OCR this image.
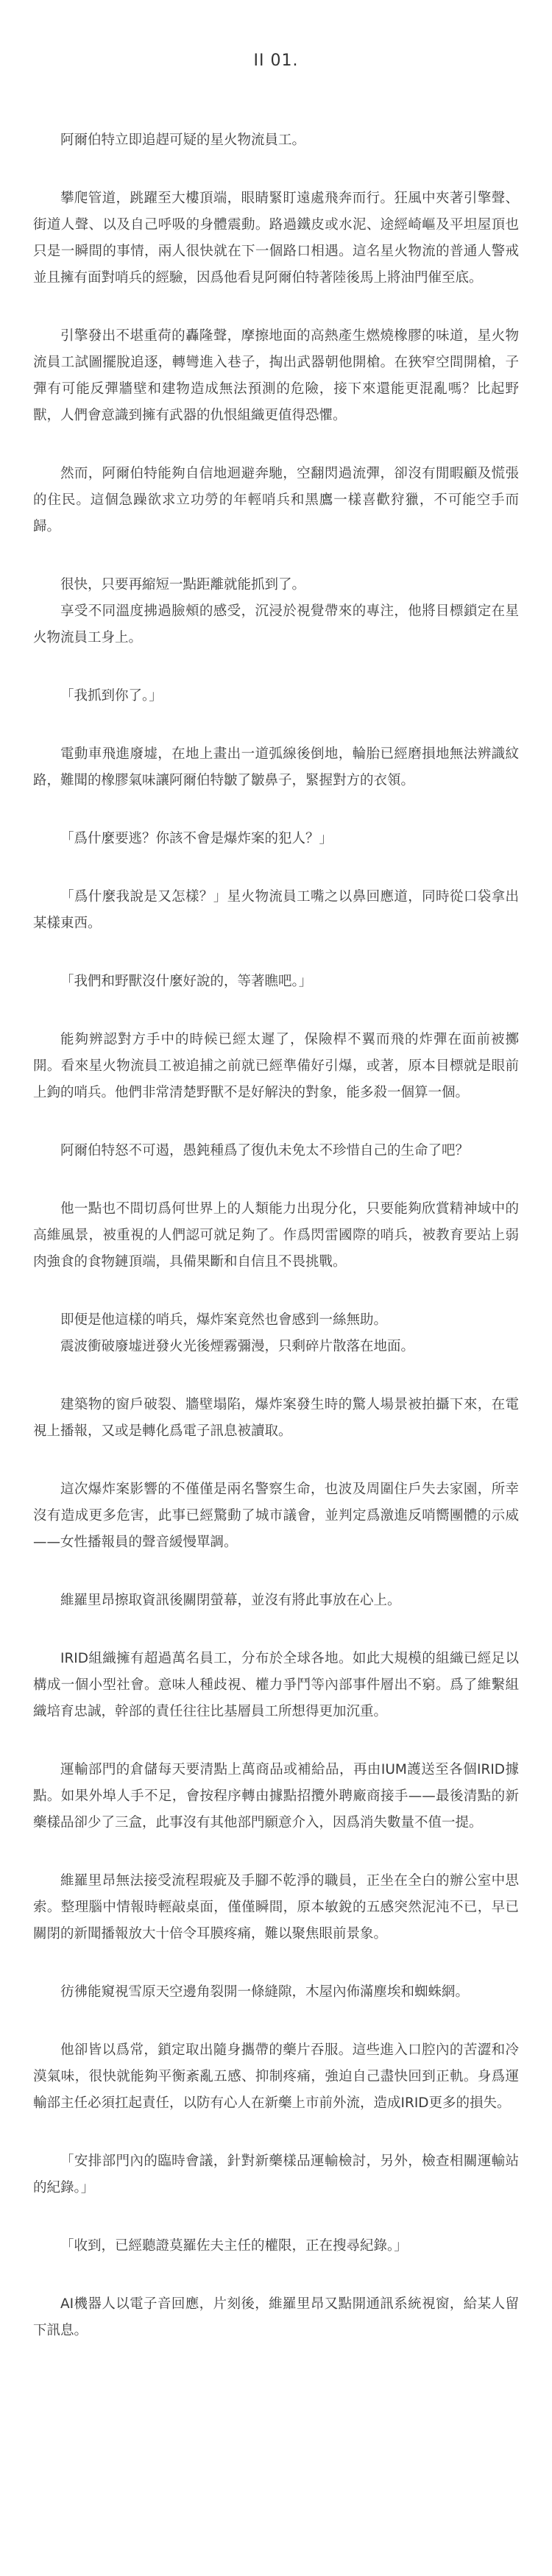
II 01.

阿爾伯特立即追趕可疑的星火物流員工。

攀爬管道，跳躍至大樓頂端，眼睛緊盯遠處飛奔而行。狂風中夾著引擎聲、街道人聲、以及自己呼吸的身體震動。路過鐵皮或水泥、途經崎嶇及平坦屋頂也只是一瞬間的事情，兩人很快就在下一個路口相遇。這名星火物流的普通人警戒並且擁有面對哨兵的經驗，因爲他看見阿爾伯特著陸後馬上將油門催至底。

引擎發出不堪重荷的轟隆聲，摩擦地面的高熱產生燃燒橡膠的味道，星火物流員工試圖擺脫追逐，轉彎進入巷子，掏出武器朝他開槍。在狹窄空間開槍，子彈有可能反彈牆壁和建物造成無法預測的危險，接下來還能更混亂嗎？比起野獸，人們會意識到擁有武器的仇恨組織更值得恐懼。

然而，阿爾伯特能夠自信地迴避奔馳，空翻閃過流彈，卻沒有閒暇顧及慌張的住民。這個急躁欲求立功勞的年輕哨兵和黑鷹一樣喜歡狩獵，不可能空手而歸。

很快，只要再縮短一點距離就能抓到了。

享受不同溫度拂過臉頰的感受，沉浸於視覺帶來的專注，他將目標鎖定在星火物流員工身上。

「我抓到你了。」

電動車飛進廢墟，在地上畫出一道弧線後倒地，輪胎已經磨損地無法辨識紋路，難聞的橡膠氣味讓阿爾伯特皺了皺鼻子，緊握對方的衣領。

「爲什麼要逃？你該不會是爆炸案的犯人？」

「爲什麼我說是又怎樣？」星火物流員工嘴之以鼻回應道，同時從口袋拿出某樣東西。

「我們和野獸沒什麼好說的，等著瞧吧。」

能夠辨認對方手中的時候已經太遲了，保險桿不翼而飛的炸彈在面前被擲開。看來星火物流員工被追捕之前就已經準備好引爆，或著，原本目標就是眼前上鉤的哨兵。他們非常清楚野獸不是好解決的對象，能多殺一個算一個。

阿爾伯特怒不可遏，愚鈍種爲了復仇未免太不珍惜自己的生命了吧？

他一點也不間切爲何世界上的人類能力出現分化，只要能夠欣賞精神域中的高維風景，被重視的人們認可就足夠了。作爲閃雷國際的哨兵，被教育要站上弱肉強食的食物鏈頂端，具備果斷和自信且不畏挑戰。

即便是他這樣的哨兵，爆炸案竟然也會感到一絲無助。

震波衝破廢墟迸發火光後煙霧彌漫，只剩碎片散落在地面。

建築物的窗戶破裂、牆壁塌陷，爆炸案發生時的驚人場景被拍攝下來，在電視上播報，又或是轉化爲電子訊息被讀取。

這次爆炸案影響的不僅僅是兩名警察生命，也波及周圍住戶失去家園，所幸沒有造成更多危害，此事已經驚動了城市議會，並判定爲激進反哨嚮團體的示威——女性播報員的聲音緩慢單調。

維羅里昂擦取資訊後關閉螢幕，並沒有將此事放在心上。

IRID組織擁有超過萬名員工，分布於全球各地。如此大規模的組織已經足以構成一個小型社會。意味人種歧視、權力爭鬥等內部事件層出不窮。爲了維繫組織培育忠誠，幹部的責任往往比基層員工所想得更加沉重。

運輸部門的倉儲每天要清點上萬商品或補給品，再由IUM護送至各個IRID據點。如果外埠人手不足，會按程序轉由據點招攬外聘廠商接手——最後清點的新藥樣品卻少了三盒，此事沒有其他部門願意介入，因爲消失數量不值一提。

維羅里昂無法接受流程瑕疵及手腳不乾淨的職員，正坐在全白的辦公室中思索。整理腦中情報時輕敲桌面，僅僅瞬間，原本敏銳的五感突然泥沌不已，早已關閉的新聞播報放大十倍令耳膜疼痛，難以聚焦眼前景象。

彷彿能窺視雪原天空邊角裂開一條縫隙，木屋內佈滿塵埃和蜘蛛網。

他卻皆以爲常，鎖定取出隨身攜帶的藥片吞服。這些進入口腔內的苦澀和冷漠氣味，很快就能夠平衡紊亂五感、抑制疼痛，強迫自己盡快回到正軌。身爲運輸部主任必須扛起責任，以防有心人在新藥上市前外流，造成IRID更多的損失。

「安排部門內的臨時會議，針對新藥樣品運輸檢討，另外，檢查相關運輸站的紀錄。」

「收到，已經聽證莫羅佐夫主任的權限，正在搜尋紀錄。」

AI機器人以電子音回應，片刻後，維羅里昂又點開通訊系統視窗，給某人留下訊息。
